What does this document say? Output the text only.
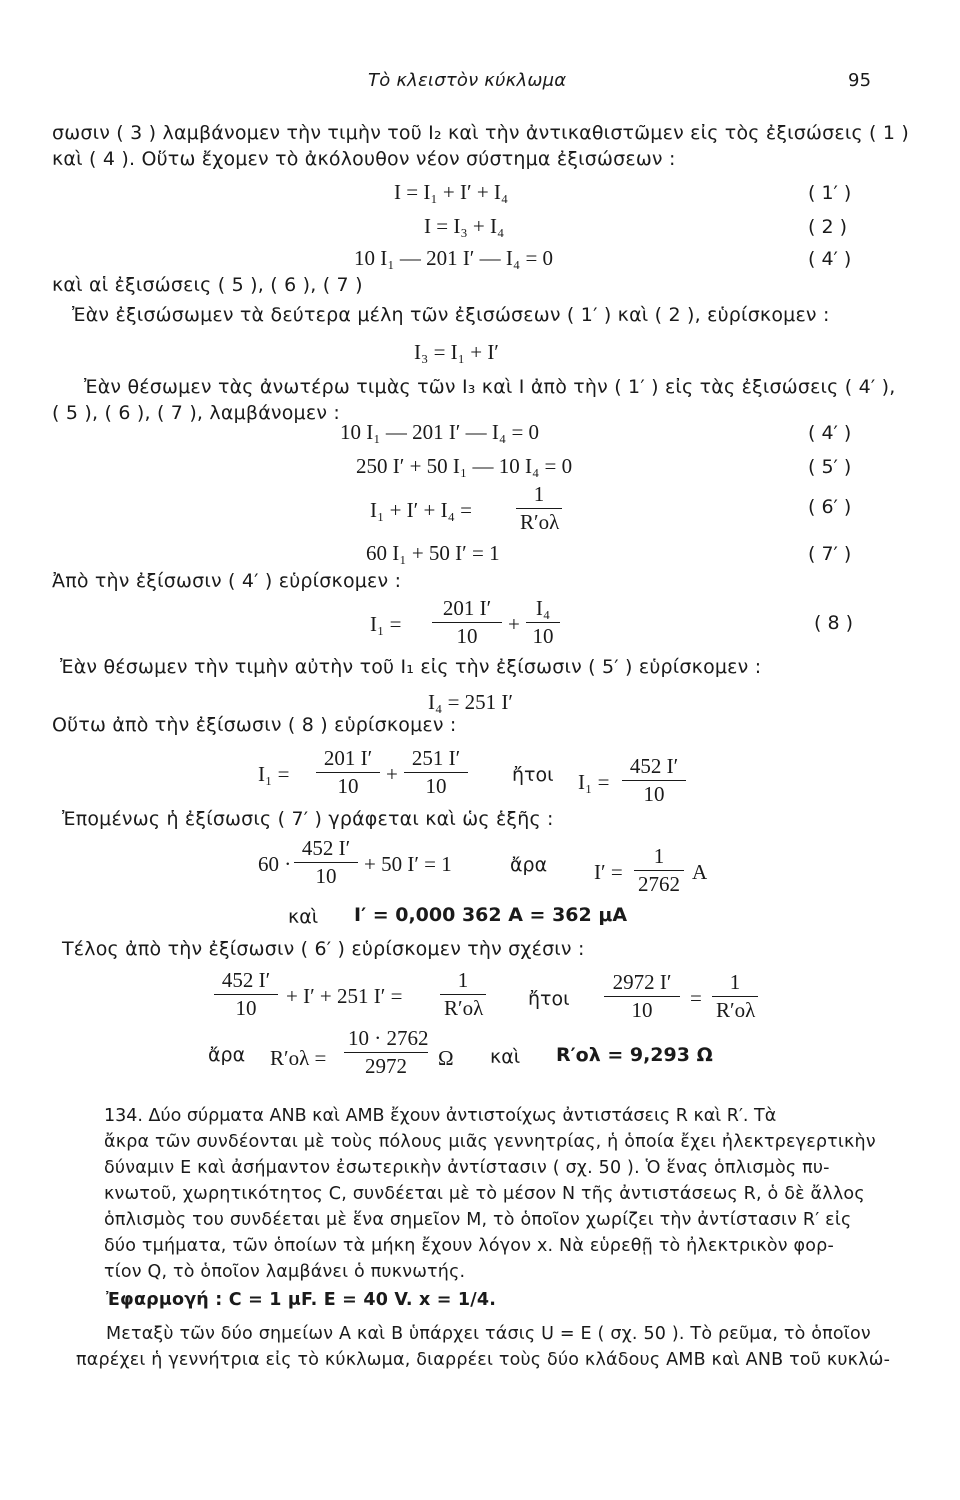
Τὸ κλειστὸν κύκλωμα	95
σωσιν ( 3 ) λαμβάνομεν τὴν τιμὴν τοῦ I₂ καὶ τὴν ἀντικαθιστῶμεν εἰς τὸς ἐξισώσεις ( 1 )
καὶ ( 4 ). Οὕτω ἔχομεν τὸ ἀκόλουθον νέον σύστημα ἐξισώσεων :
I = I₁ + I′ + I₄	( 1′ )
I = I₃ + I₄	( 2 )
10 I₁ — 201 I′ — I₄ = 0	( 4′ )
καὶ αἱ ἐξισώσεις ( 5 ), ( 6 ), ( 7 )
Ἐὰν ἐξισώσωμεν τὰ δεύτερα μέλη τῶν ἐξισώσεων ( 1′ ) καὶ ( 2 ), εὑρίσκομεν :
I₃ = I₁ + I′
Ἐὰν θέσωμεν τὰς ἀνωτέρω τιμὰς τῶν I₃ καὶ I ἀπὸ τὴν ( 1′ ) εἰς τὰς ἐξισώσεις ( 4′ ),
( 5 ), ( 6 ), ( 7 ), λαμβάνομεν :
10 I₁ — 201 I′ — I₄ = 0	( 4′ )
250 I′ + 50 I₁ — 10 I₄ = 0	( 5′ )
$I_1 + I' + I_4 = \frac{1}{R'o\lambda}$	( 6′ )
60 I₁ + 50 I′ = 1	( 7′ )
Ἀπὸ τὴν ἐξίσωσιν ( 4′ ) εὑρίσκομεν :
$I_1 = \frac{201 I'}{10} + \frac{\text{I₄}}{10}$	( 8 )
Ἐὰν θέσωμεν τὴν τιμὴν αὐτὴν τοῦ I₁ εἰς τὴν ἐξίσωσιν ( 5′ ) εὑρίσκομεν :
I₄ = 251 I′
Οὕτω ἀπὸ τὴν ἐξίσωσιν ( 8 ) εὑρίσκομεν :
$I_1 = \frac{201 I'}{10} + \frac{251 I'}{10}$ ἤτοι $I_1 = \frac{452 I'}{10}$
Ἐπομένως ἡ ἐξίσωσις ( 7′ ) γράφεται καὶ ὡς ἑξῆς :
$60 \cdot \frac{452 I'}{10} + 50$ I′ = 1	ἄρα $I' = \frac{1}{2762}$ A
καὶ I′ = 0,000 362 A = 362 μA
Τέλος ἀπὸ τὴν ἐξίσωσιν ( 6′ ) εὑρίσκομεν τὴν σχέσιν :
$\frac{452 I'}{10} + I' + 251$ $I' = \frac{1}{R'o\lambda}$ ἤτοι $\frac{2972 I'}{10} = \frac{1}{R'o\lambda}$
ἄρα $R'o\lambda = \frac{10 \cdot 2762}{2972}$ Ω καὶ R′ολ = 9,293 Ω
134. Δύο σύρματα ANB καὶ AMB ἔχουν ἀντιστοίχως ἀντιστάσεις R καὶ R′. Τὰ
ἄκρα τῶν συνδέονται μὲ τοὺς πόλους μιᾶς γεννητρίας, ἡ ὁποία ἔχει ἠλεκτρεγερτικὴν
δύναμιν E καὶ ἀσήμαντον ἐσωτερικὴν ἀντίστασιν ( σχ. 50 ). Ὁ ἕνας ὁπλισμὸς πυ-
κνωτοῦ, χωρητικότητος C, συνδέεται μὲ τὸ μέσον N τῆς ἀντιστάσεως R, ὁ δὲ ἄλλος
ὁπλισμὸς του συνδέεται μὲ ἕνα σημεῖον M, τὸ ὁποῖον χωρίζει τὴν ἀντίστασιν R′ εἰς
δύο τμήματα, τῶν ὁποίων τὰ μήκη ἔχουν λόγον x. Νὰ εὑρεθῇ τὸ ἠλεκτρικὸν φορ-
τίον Q, τὸ ὁποῖον λαμβάνει ὁ πυκνωτής.
Ἐφαρμογή : C = 1 μF. E = 40 V. x = 1/4.
Μεταξὺ τῶν δύο σημείων A καὶ B ὑπάρχει τάσις U = E ( σχ. 50 ). Τὸ ρεῦμα, τὸ ὁποῖον
παρέχει ἡ γεννήτρια εἰς τὸ κύκλωμα, διαρρέει τοὺς δύο κλάδους AMB καὶ ANB τοῦ κυκλώ-
